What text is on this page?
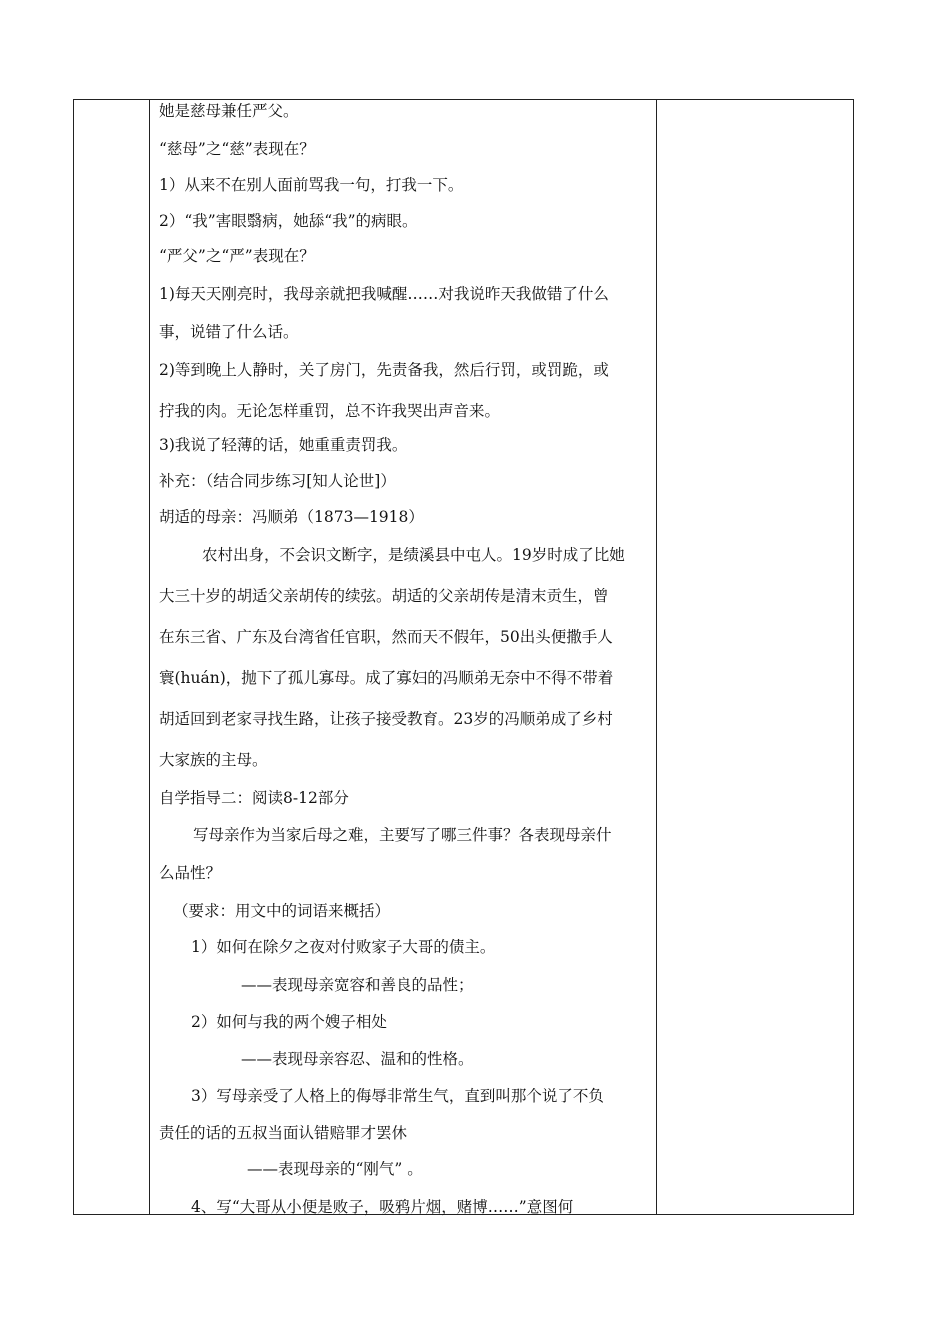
她是慈母兼任严父。
“慈母”之“慈”表现在？
1）从来不在别人面前骂我一句，打我一下。
2）“我”害眼翳病，她舔“我”的病眼。
“严父”之“严”表现在？
1)每天天刚亮时，我母亲就把我喊醒……对我说昨天我做错了什么
事，说错了什么话。
2)等到晚上人静时，关了房门，先责备我，然后行罚，或罚跪，或
拧我的肉。无论怎样重罚，总不许我哭出声音来。
3)我说了轻薄的话，她重重责罚我。
补充：（结合同步练习[知人论世]）
胡适的母亲：冯顺弟（1873—1918）
农村出身，不会识文断字，是绩溪县中屯人。19岁时成了比她
大三十岁的胡适父亲胡传的续弦。胡适的父亲胡传是清末贡生，曾
在东三省、广东及台湾省任官职，然而天不假年，50出头便撒手人
寰(huán)，抛下了孤儿寡母。成了寡妇的冯顺弟无奈中不得不带着
胡适回到老家寻找生路，让孩子接受教育。23岁的冯顺弟成了乡村
大家族的主母。
自学指导二：阅读8-12部分
写母亲作为当家后母之难，主要写了哪三件事？各表现母亲什
么品性？
（要求：用文中的词语来概括）
1）如何在除夕之夜对付败家子大哥的债主。
——表现母亲宽容和善良的品性；
2）如何与我的两个嫂子相处
——表现母亲容忍、温和的性格。
3）写母亲受了人格上的侮辱非常生气，直到叫那个说了不负
责任的话的五叔当面认错赔罪才罢休
——表现母亲的“刚气” 。
4、写“大哥从小便是败子，吸鸦片烟，赌博……”意图何
